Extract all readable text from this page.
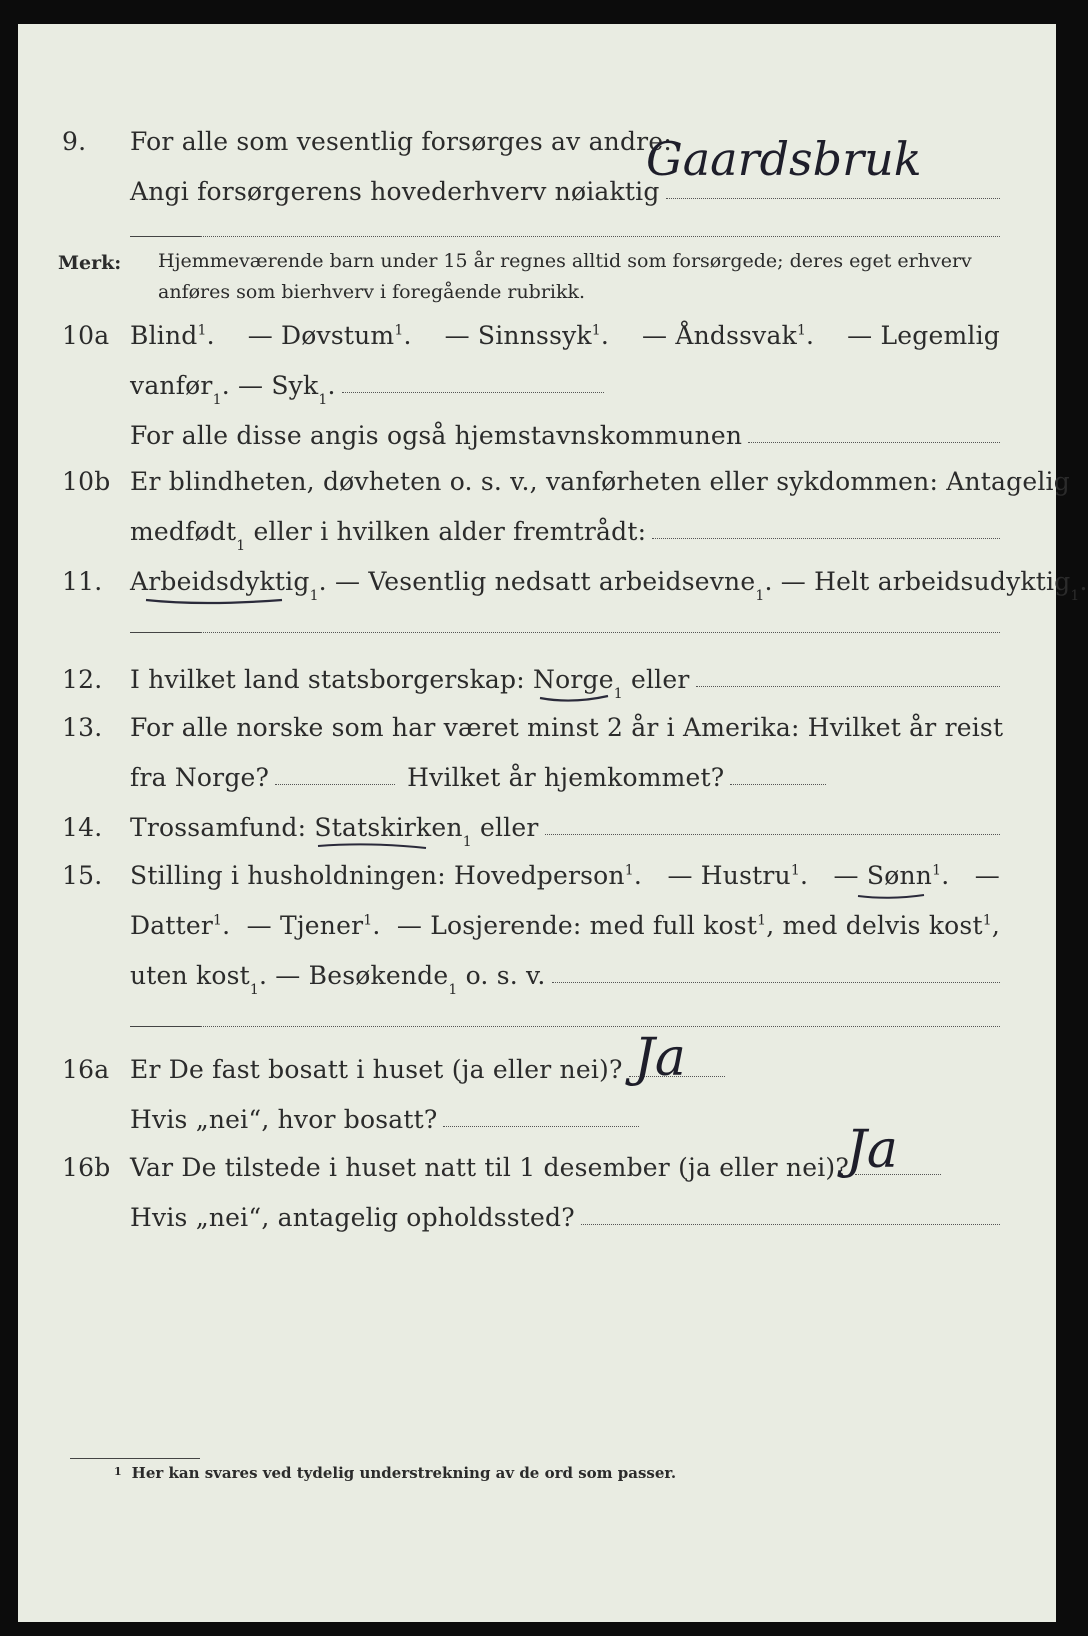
9. For alle som vesentlig forsørges av andre:
Angi forsørgerens hovederhverv nøiaktig
Gaardsbruk
Merk: Hjemmeværende barn under 15 år regnes alltid som forsørgede; deres eget erhverv anføres som bierhverv i foregående rubrikk.
10a Blind$^1$. — Døvstum$^1$. — Sinnssyk$^1$. — Åndssvak$^1$. — Legemlig
vanfør 1 . — Syk 1 .
For alle disse angis også hjemstavnskommunen
10b Er blindheten, døvheten o. s. v., vanførheten eller sykdommen: Antagelig
medfødt 1
eller i hvilken alder fremtrådt:
11. Arbeidsdyktig 1 . — Vesentlig nedsatt arbeidsevne 1 . — Helt arbeidsudyktig 1 .
12. I hvilket land statsborgerskap:
Norge 1
eller
13. For alle norske som har været minst 2 år i Amerika: Hvilket år reist
fra Norge?	Hvilket år hjemkommet?
14. Trossamfund:
Statskirken 1
eller
15. Stilling i husholdningen: Hovedperson$^1$. — Hustru$^1$. — Sønn$^1$. —
Datter$^1$. — Tjener$^1$. — Losjerende: med full kost$^1$, med delvis kost$^1$,
uten kost 1 . — Besøkende 1
o. s. v.
16a Er De fast bosatt i huset (ja eller nei)? Ja
Hvis „nei“, hvor bosatt?
16b Var De tilstede i huset natt til 1 desember (ja eller nei)?
Ja
Hvis „nei“, antagelig opholdssted?
$^1$ Her kan svares ved tydelig understrekning av de ord som passer.
